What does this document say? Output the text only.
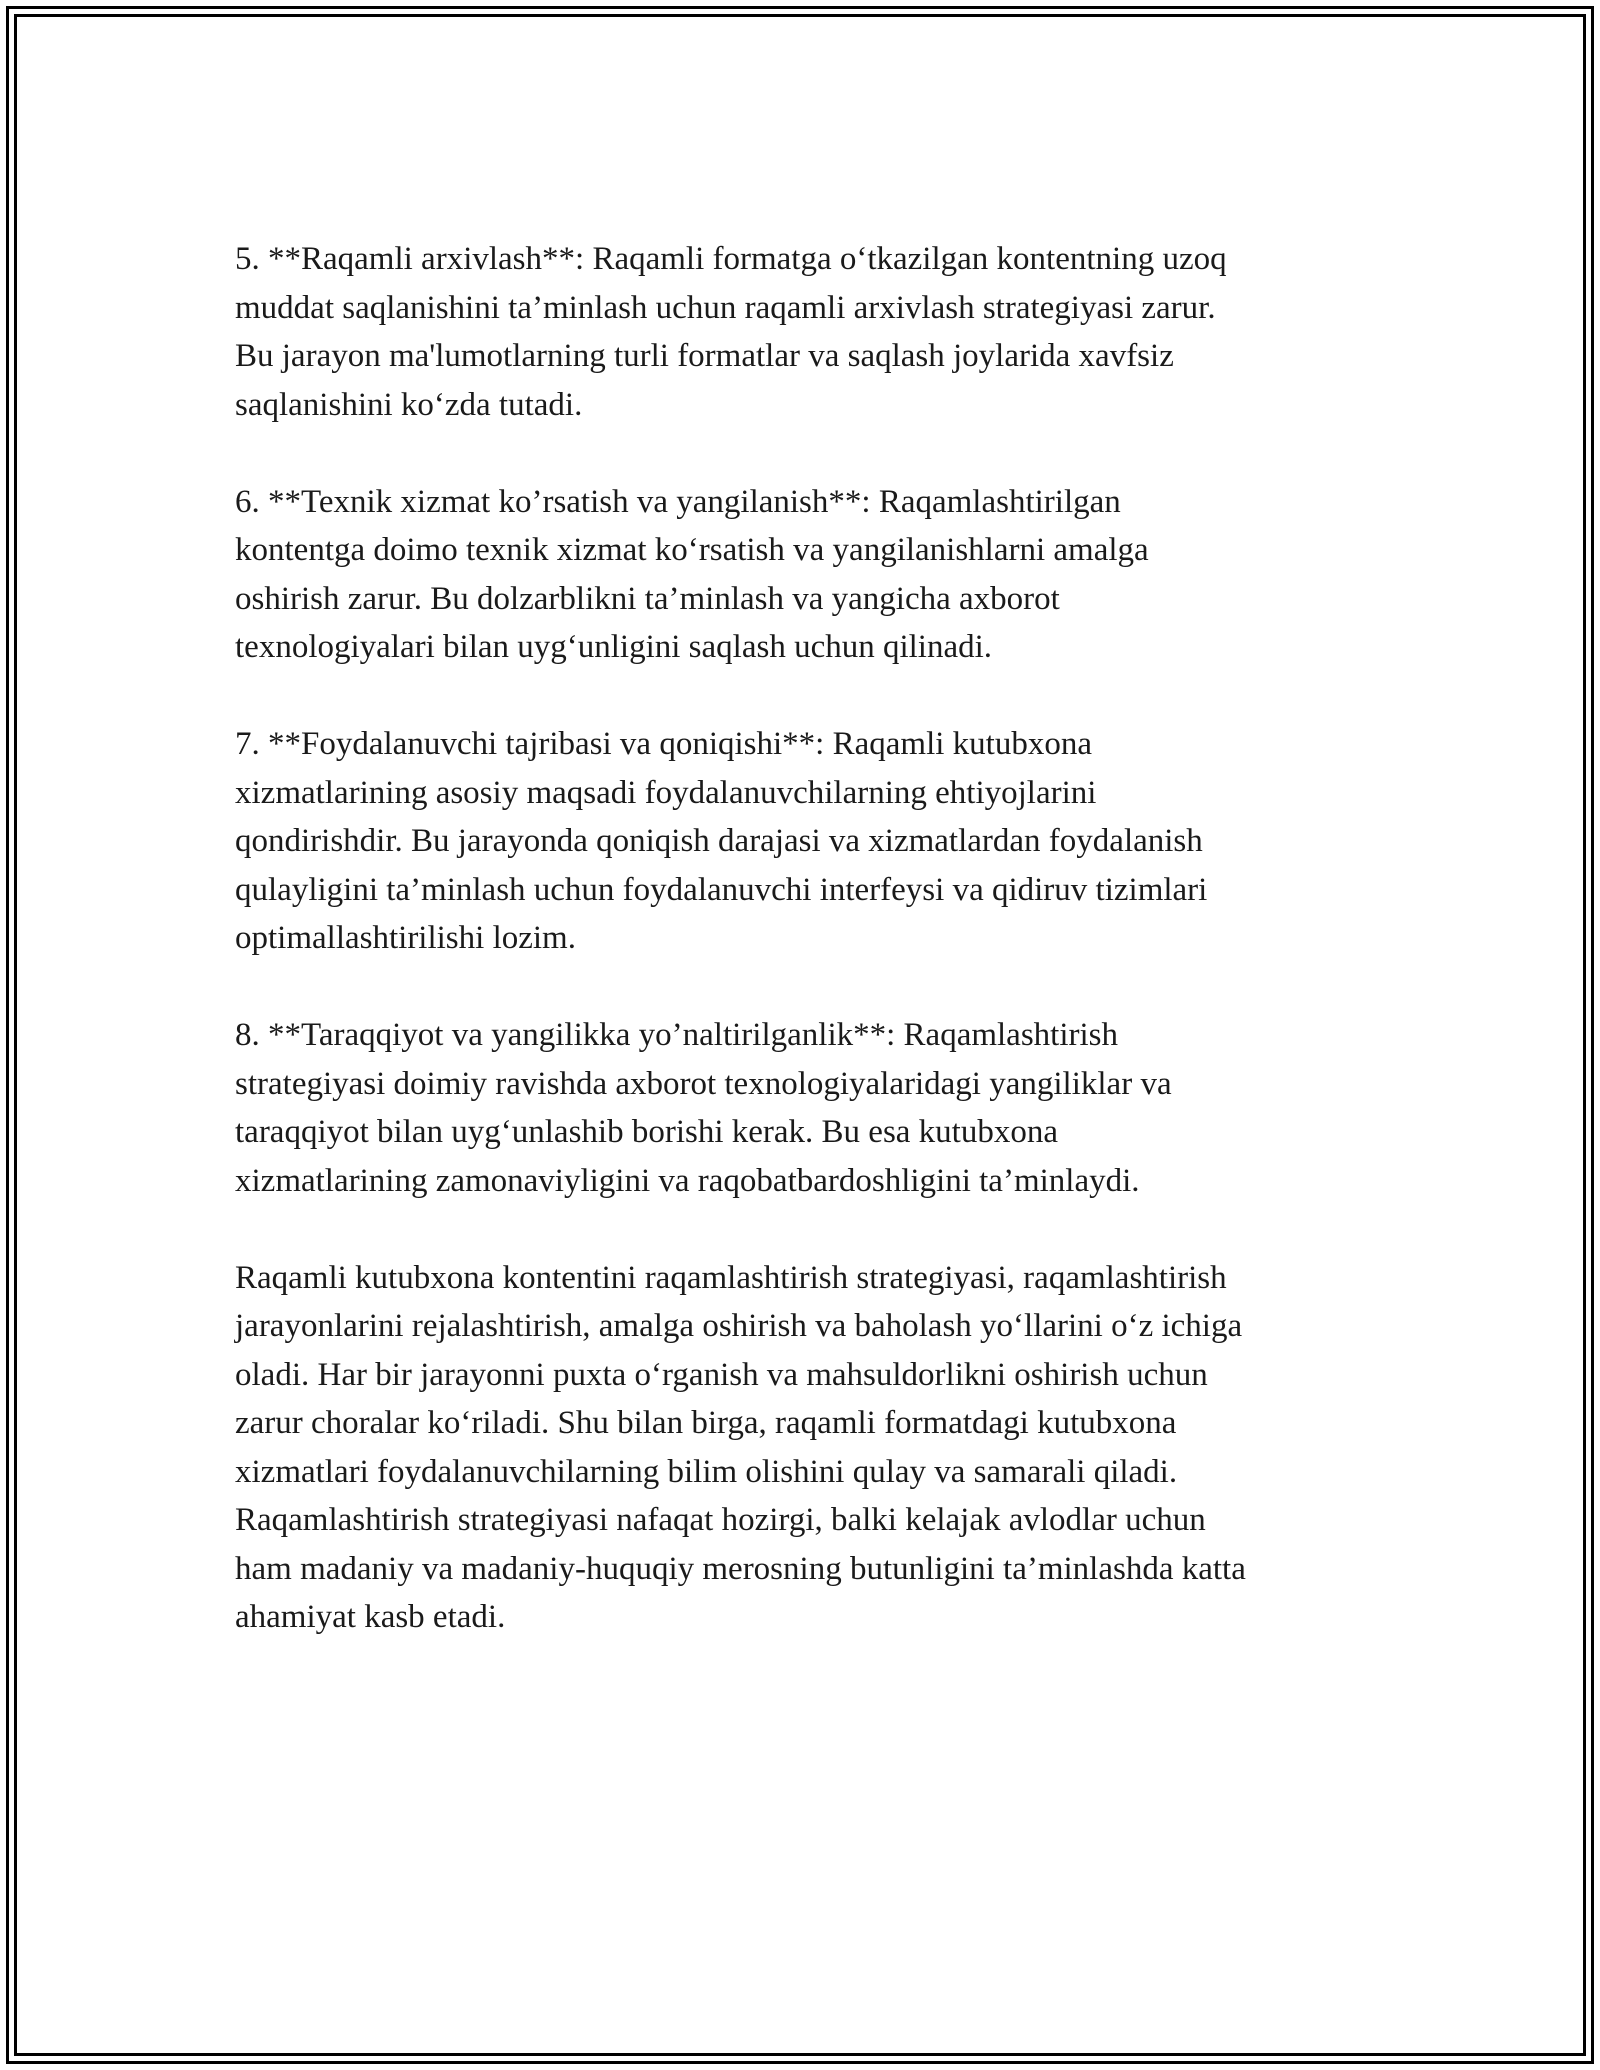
5. **Raqamli arxivlash**: Raqamli formatga o‘tkazilgan kontentning uzoq
muddat saqlanishini ta’minlash uchun raqamli arxivlash strategiyasi zarur.
Bu jarayon ma'lumotlarning turli formatlar va saqlash joylarida xavfsiz
saqlanishini ko‘zda tutadi.

6. **Texnik xizmat ko’rsatish va yangilanish**: Raqamlashtirilgan
kontentga doimo texnik xizmat ko‘rsatish va yangilanishlarni amalga
oshirish zarur. Bu dolzarblikni ta’minlash va yangicha axborot
texnologiyalari bilan uyg‘unligini saqlash uchun qilinadi.

7. **Foydalanuvchi tajribasi va qoniqishi**: Raqamli kutubxona
xizmatlarining asosiy maqsadi foydalanuvchilarning ehtiyojlarini
qondirishdir. Bu jarayonda qoniqish darajasi va xizmatlardan foydalanish
qulayligini ta’minlash uchun foydalanuvchi interfeysi va qidiruv tizimlari
optimallashtirilishi lozim.

8. **Taraqqiyot va yangilikka yo’naltirilganlik**: Raqamlashtirish
strategiyasi doimiy ravishda axborot texnologiyalaridagi yangiliklar va
taraqqiyot bilan uyg‘unlashib borishi kerak. Bu esa kutubxona
xizmatlarining zamonaviyligini va raqobatbardoshligini ta’minlaydi.

Raqamli kutubxona kontentini raqamlashtirish strategiyasi, raqamlashtirish
jarayonlarini rejalashtirish, amalga oshirish va baholash yo‘llarini o‘z ichiga
oladi. Har bir jarayonni puxta o‘rganish va mahsuldorlikni oshirish uchun
zarur choralar ko‘riladi. Shu bilan birga, raqamli formatdagi kutubxona
xizmatlari foydalanuvchilarning bilim olishini qulay va samarali qiladi.
Raqamlashtirish strategiyasi nafaqat hozirgi, balki kelajak avlodlar uchun
ham madaniy va madaniy-huquqiy merosning butunligini ta’minlashda katta
ahamiyat kasb etadi.
